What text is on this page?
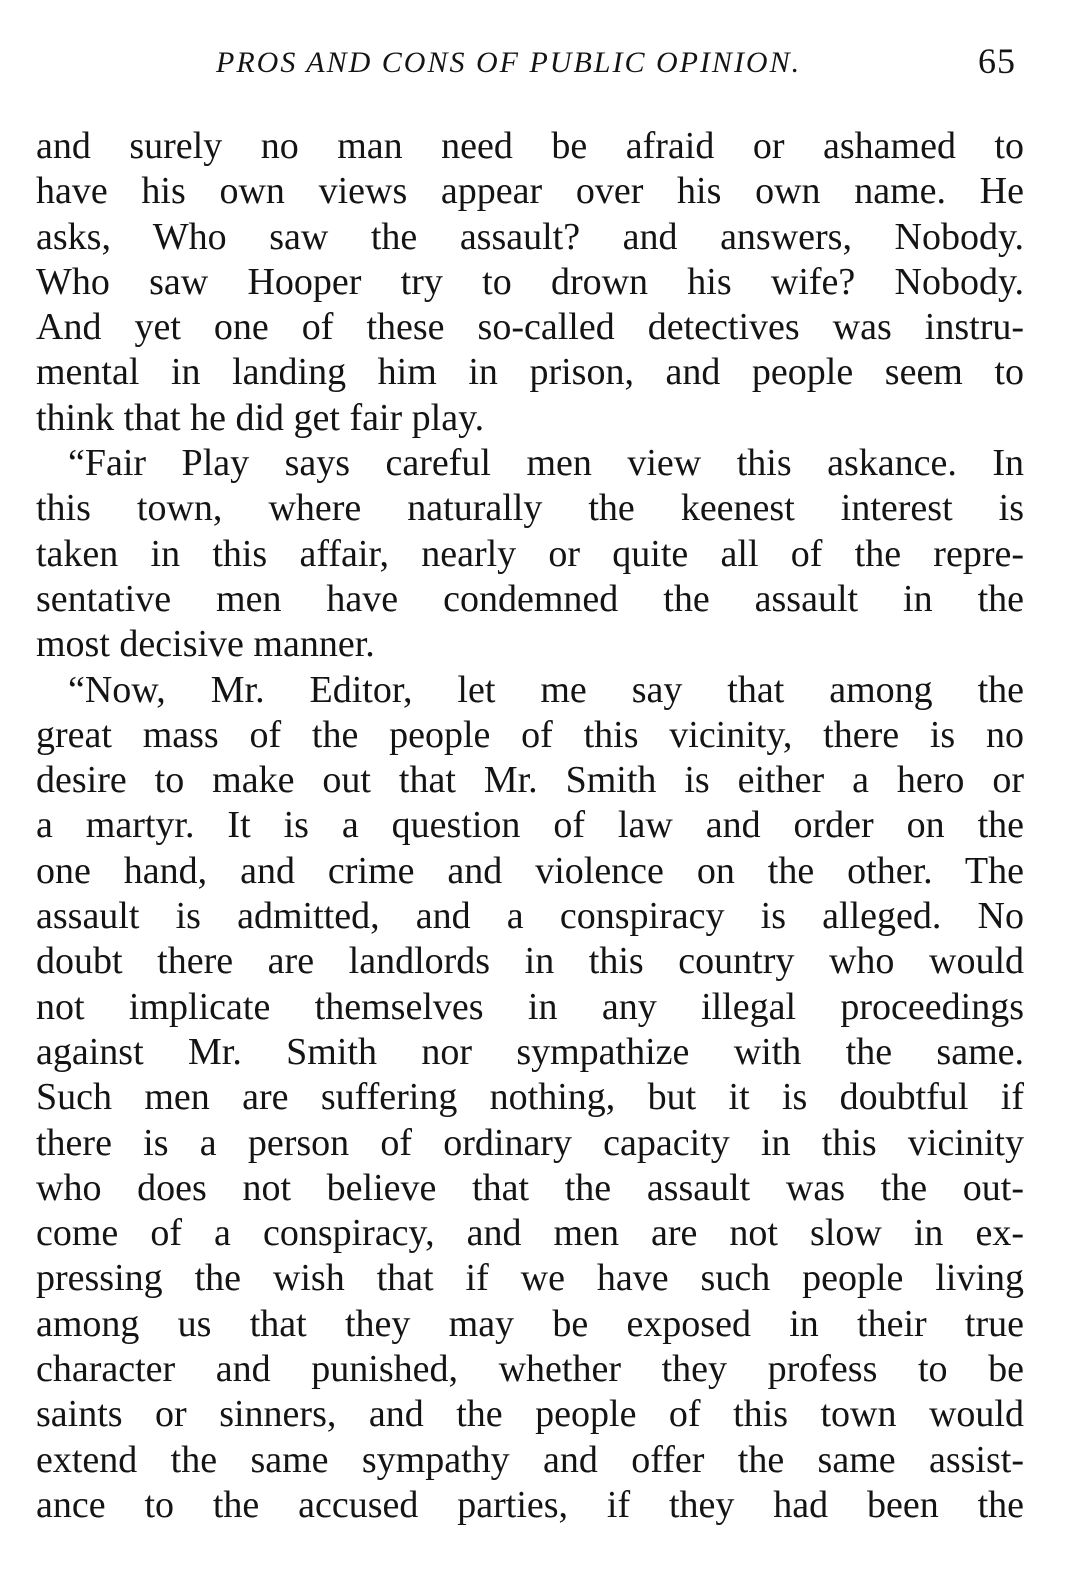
PROS AND CONS OF PUBLIC OPINION.	65
and surely no man need be afraid or ashamed to
have his own views appear over his own name. He
asks, Who saw the assault? and answers, Nobody.
Who saw Hooper try to drown his wife? Nobody.
And yet one of these so-called detectives was instru-
mental in landing him in prison, and people seem to
think that he did get fair play.
“Fair Play says careful men view this askance. In
this town, where naturally the keenest interest is
taken in this affair, nearly or quite all of the repre-
sentative men have condemned the assault in the
most decisive manner.
“Now, Mr. Editor, let me say that among the
great mass of the people of this vicinity, there is no
desire to make out that Mr. Smith is either a hero or
a martyr. It is a question of law and order on the
one hand, and crime and violence on the other. The
assault is admitted, and a conspiracy is alleged. No
doubt there are landlords in this country who would
not implicate themselves in any illegal proceedings
against Mr. Smith nor sympathize with the same.
Such men are suffering nothing, but it is doubtful if
there is a person of ordinary capacity in this vicinity
who does not believe that the assault was the out-
come of a conspiracy, and men are not slow in ex-
pressing the wish that if we have such people living
among us that they may be exposed in their true
character and punished, whether they profess to be
saints or sinners, and the people of this town would
extend the same sympathy and offer the same assist-
ance to the accused parties, if they had been the
